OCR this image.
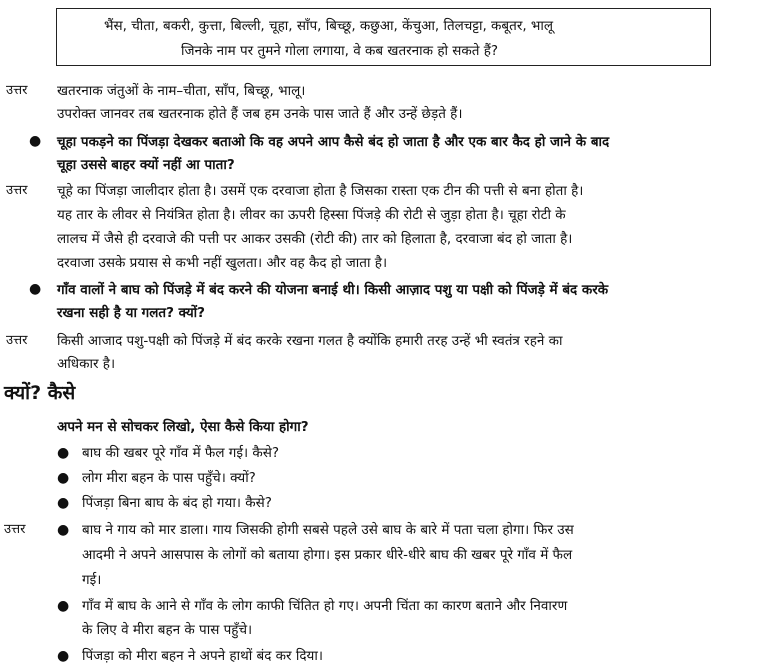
भैंस, चीता, बकरी, कुत्ता, बिल्ली, चूहा, साँप, बिच्छू, कछुआ, केंचुआ, तिलचट्टा, कबूतर, भालू
जिनके नाम पर तुमने गोला लगाया, वे कब खतरनाक हो सकते हैं?
उत्तर खतरनाक जंतुओं के नाम–चीता, साँप, बिच्छू, भालू।
उपरोक्त जानवर तब खतरनाक होते हैं जब हम उनके पास जाते हैं और उन्हें छेड़ते हैं।
● चूहा पकड़ने का पिंजड़ा देखकर बताओ कि वह अपने आप कैसे बंद हो जाता है और एक बार कैद हो जाने के बाद
चूहा उससे बाहर क्यों नहीं आ पाता?
उत्तर चूहे का पिंजड़ा जालीदार होता है। उसमें एक दरवाजा होता है जिसका रास्ता एक टीन की पत्ती से बना होता है।
यह तार के लीवर से नियंत्रित होता है। लीवर का ऊपरी हिस्सा पिंजड़े की रोटी से जुड़ा होता है। चूहा रोटी के
लालच में जैसे ही दरवाजे की पत्ती पर आकर उसकी (रोटी की) तार को हिलाता है, दरवाजा बंद हो जाता है।
दरवाजा उसके प्रयास से कभी नहीं खुलता। और वह कैद हो जाता है।
● गाँव वालों ने बाघ को पिंजड़े में बंद करने की योजना बनाई थी। किसी आज़ाद पशु या पक्षी को पिंजड़े में बंद करके
रखना सही है या गलत? क्यों?
उत्तर किसी आजाद पशु-पक्षी को पिंजड़े में बंद करके रखना गलत है क्योंकि हमारी तरह उन्हें भी स्वतंत्र रहने का
अधिकार है।
क्यों? कैसे
अपने मन से सोचकर लिखो, ऐसा कैसे किया होगा?
● बाघ की खबर पूरे गाँव में फैल गई। कैसे?
● लोग मीरा बहन के पास पहुँचे। क्यों?
● पिंजड़ा बिना बाघ के बंद हो गया। कैसे?
उत्तर ● बाघ ने गाय को मार डाला। गाय जिसकी होगी सबसे पहले उसे बाघ के बारे में पता चला होगा। फिर उस
आदमी ने अपने आसपास के लोगों को बताया होगा। इस प्रकार धीरे-धीरे बाघ की खबर पूरे गाँव में फैल
गई।
● गाँव में बाघ के आने से गाँव के लोग काफी चिंतित हो गए। अपनी चिंता का कारण बताने और निवारण
के लिए वे मीरा बहन के पास पहुँचे।
● पिंजड़ा को मीरा बहन ने अपने हाथों बंद कर दिया।
